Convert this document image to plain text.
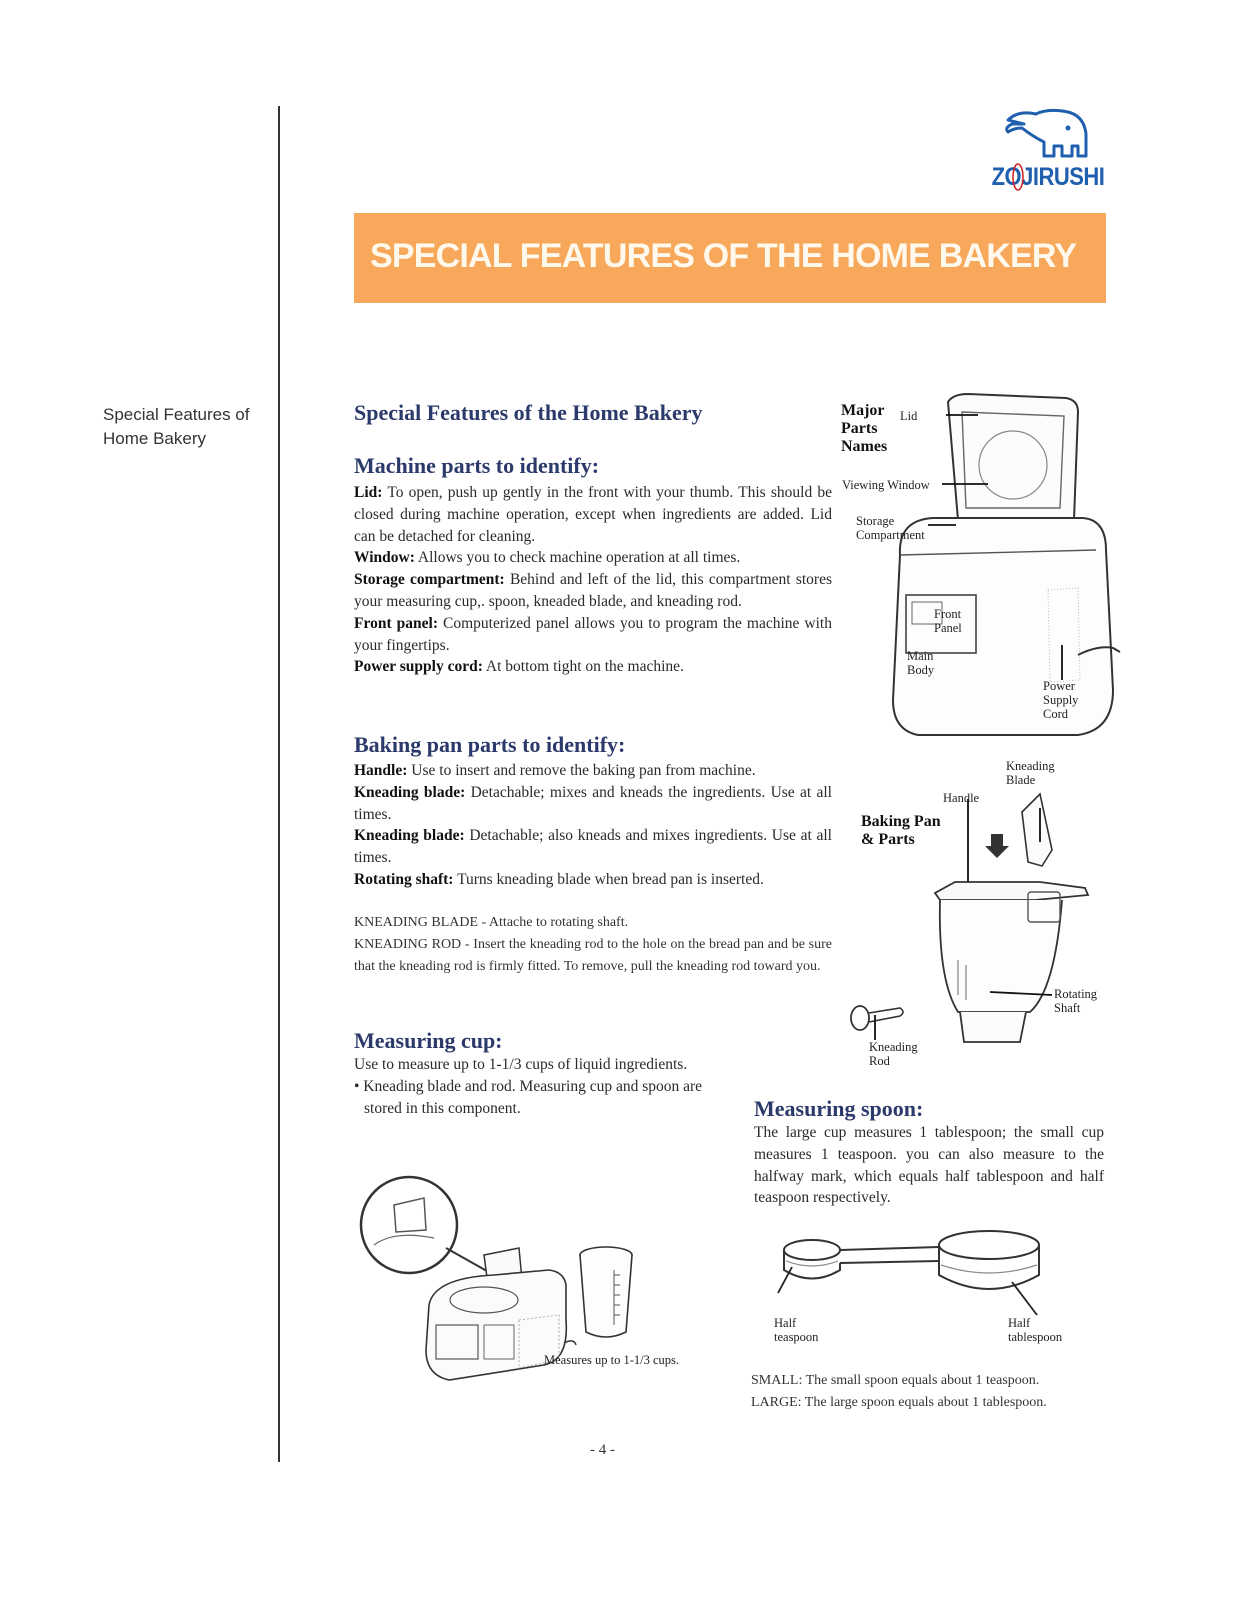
Special Features of Home Bakery
ZOJIRUSHI
SPECIAL FEATURES OF THE HOME BAKERY
Special Features of the Home Bakery
Machine parts to identify:
Lid: To open, push up gently in the front with your thumb. This should be closed during machine operation, except when ingredients are added. Lid can be detached for cleaning.
Window: Allows you to check machine operation at all times.
Storage compartment: Behind and left of the lid, this compartment stores your measuring cup,. spoon, kneaded blade, and kneading rod.
Front panel: Computerized panel allows you to program the machine with your fingertips.
Power supply cord: At bottom tight on the machine.
Baking pan parts to identify:
Handle: Use to insert and remove the baking pan from machine.
Kneading blade: Detachable; mixes and kneads the ingredients. Use at all times.
Kneading blade: Detachable; also kneads and mixes ingredients. Use at all times.
Rotating shaft: Turns kneading blade when bread pan is inserted.
KNEADING BLADE - Attache to rotating shaft.
KNEADING ROD - Insert the kneading rod to the hole on the bread pan and be sure that the kneading rod is firmly fitted. To remove, pull the kneading rod toward you.
Measuring cup:
Use to measure up to 1-1/3 cups of liquid ingredients.
• Kneading blade and rod. Measuring cup and spoon are stored in this component.
Measures up to 1-1/3 cups.
Measuring spoon:
The large cup measures 1 tablespoon; the small cup measures 1 teaspoon. you can also measure to the halfway mark, which equals half tablespoon and half teaspoon respectively.
Half
teaspoon
Half
tablespoon
SMALL: The small spoon equals about 1 teaspoon.
LARGE: The large spoon equals about 1 tablespoon.
Major
Parts
Names
Lid
Viewing Window
Storage
Compartment
Front
Panel
Main
Body
Power
Supply
Cord
Baking Pan
& Parts
Kneading
Blade
Handle
Rotating
Shaft
Kneading
Rod
- 4 -
